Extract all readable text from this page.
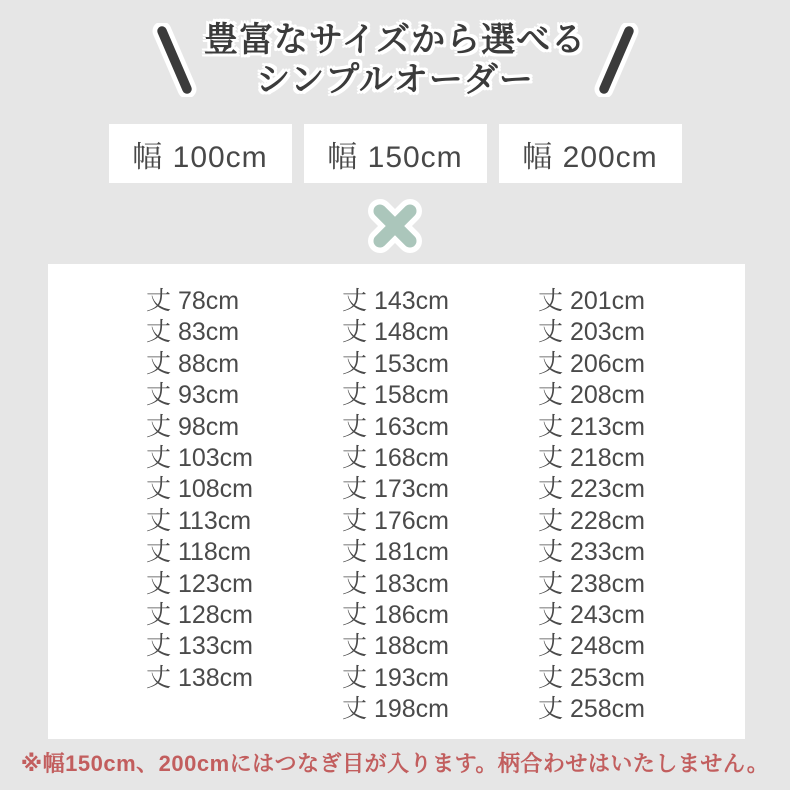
豊富なサイズから選べる
シンプルオーダー
幅 100cm	幅 150cm	幅 200cm
丈 78cm
丈 83cm
丈 88cm
丈 93cm
丈 98cm
丈 103cm
丈 108cm
丈 113cm
丈 118cm
丈 123cm
丈 128cm
丈 133cm
丈 138cm
丈 143cm
丈 148cm
丈 153cm
丈 158cm
丈 163cm
丈 168cm
丈 173cm
丈 176cm
丈 181cm
丈 183cm
丈 186cm
丈 188cm
丈 193cm
丈 198cm
丈 201cm
丈 203cm
丈 206cm
丈 208cm
丈 213cm
丈 218cm
丈 223cm
丈 228cm
丈 233cm
丈 238cm
丈 243cm
丈 248cm
丈 253cm
丈 258cm

※幅150cm、200cmにはつなぎ目が入ります。柄合わせはいたしません。
